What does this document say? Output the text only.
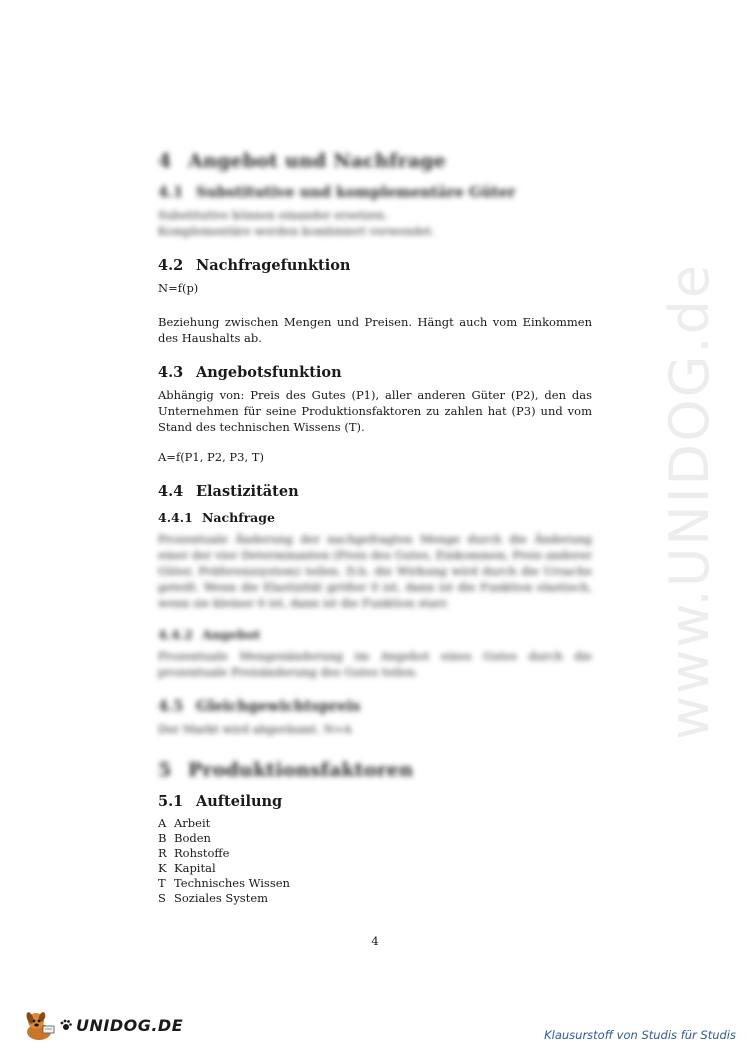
www.UNIDOG.de
4 Angebot und Nachfrage
4.1 Substitutive und komplementäre Güter

Substitutive können einander ersetzen.
Komplementäre werden kombiniert verwendet.

4.2 Nachfragefunktion

N=f(p)

Beziehung zwischen Mengen und Preisen. Hängt auch vom Einkommen des Haushalts ab.

4.3 Angebotsfunktion

Abhängig von: Preis des Gutes (P1), aller anderen Güter (P2), den das Unternehmen für seine Produktionsfaktoren zu zahlen hat (P3) und vom Stand des technischen Wissens (T).

A=f(P1, P2, P3, T)

4.4 Elastizitäten
4.4.1 Nachfrage

Prozentuale Änderung der nachgefragten Menge durch die Änderung einer der vier Determinanten (Preis des Gutes, Einkommen, Preis anderer Güter, Präferenzsystem) teilen. D.h. die Wirkung wird durch die Ursache geteilt. Wenn die Elastizität größer 0 ist, dann ist die Funktion elastisch, wenn sie kleiner 0 ist, dann ist die Funktion starr.

4.4.2 Angebot

Prozentuale Mengenänderung im Angebot eines Gutes durch die prozentuale Preisänderung des Gutes teilen.

4.5 Gleichgewichtspreis

Der Markt wird abgeräumt. N=A

5 Produktionsfaktoren
5.1 Aufteilung
A Arbeit
B Boden
R Rohstoffe
K Kapital
T Technisches Wissen
S Soziales System
4
UNIDOG.DE
Klausurstoff von Studis für Studis
